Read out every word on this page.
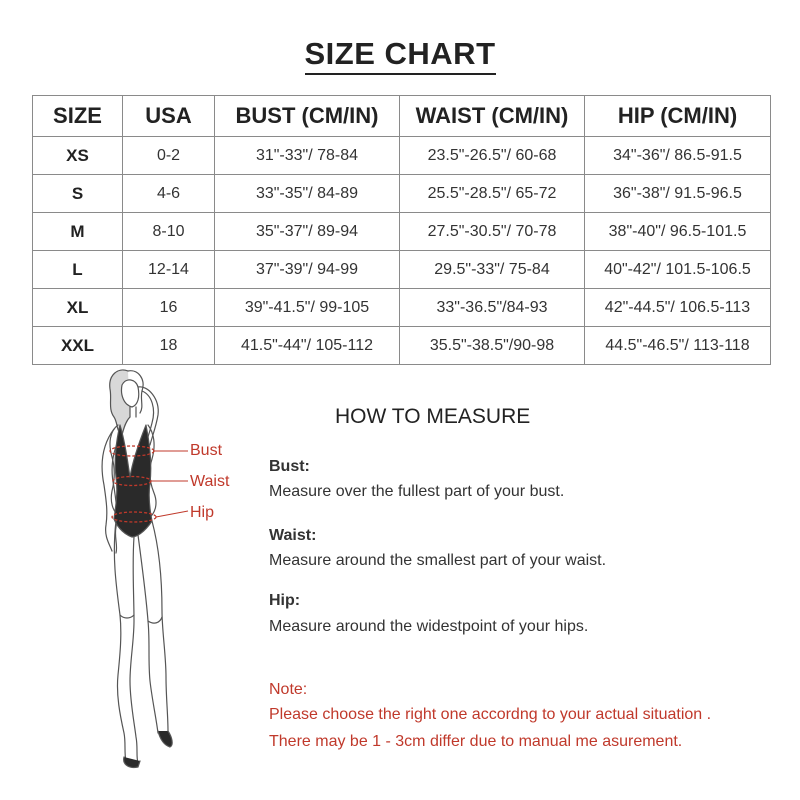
SIZE CHART
SIZE	USA	BUST (CM/IN)	WAIST (CM/IN)	HIP (CM/IN)
XS	0-2	31"-33"/ 78-84	23.5"-26.5"/ 60-68	34"-36"/ 86.5-91.5
S	4-6	33"-35"/ 84-89	25.5"-28.5"/ 65-72	36"-38"/ 91.5-96.5
M	8-10	35"-37"/ 89-94	27.5"-30.5"/ 70-78	38"-40"/ 96.5-101.5
L	12-14	37"-39"/ 94-99	29.5"-33"/ 75-84	40"-42"/ 101.5-106.5
XL	16	39"-41.5"/ 99-105	33"-36.5"/84-93	42"-44.5"/ 106.5-113
XXL	18	41.5"-44"/ 105-112	35.5"-38.5"/90-98	44.5"-46.5"/ 113-118
Bust
Waist
Hip
HOW TO MEASURE
Bust:
Measure over the fullest part of your bust.
Waist:
Measure around the smallest part of your waist.
Hip:
Measure around the widestpoint of your hips.
Note:
Please choose the right one accordng to your actual situation .
There may be 1 - 3cm differ due to manual me asurement.
